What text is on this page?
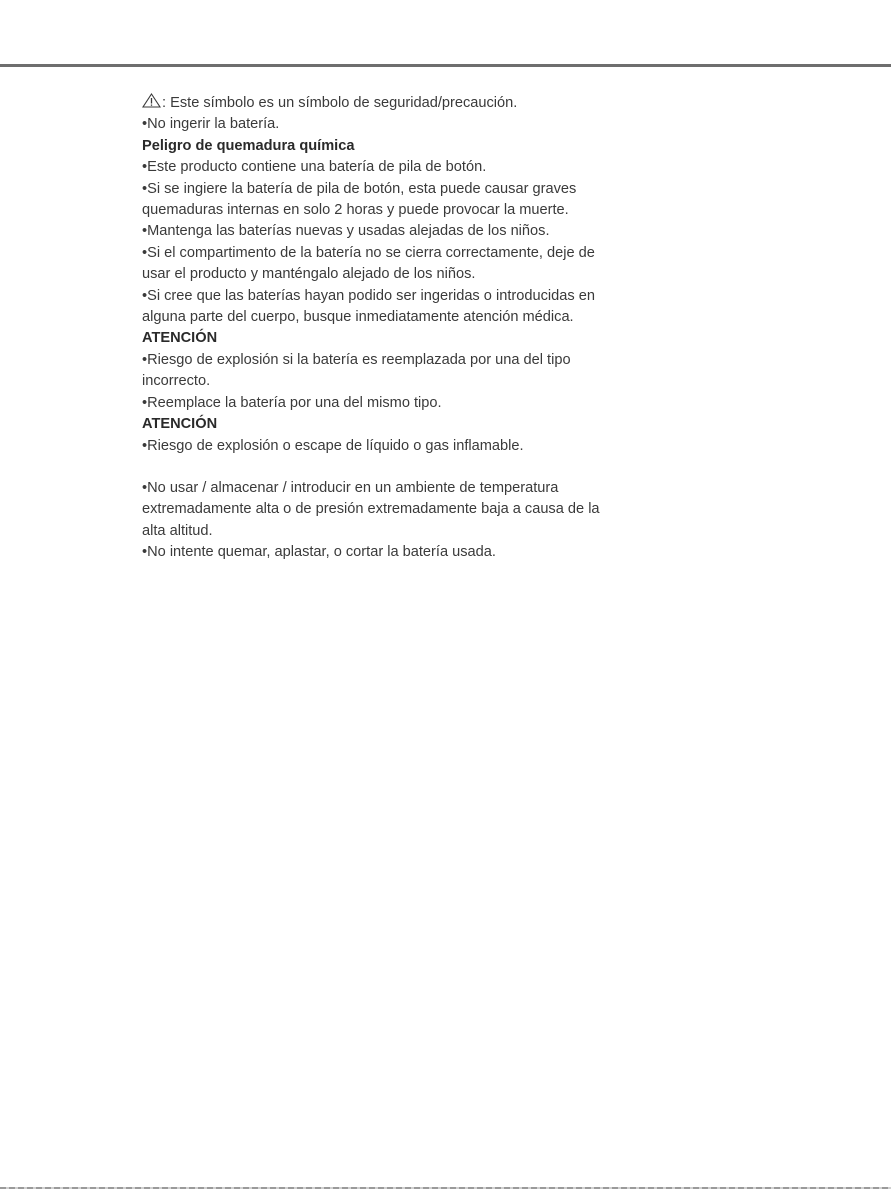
: Este símbolo es un símbolo de seguridad/precaución.

•No ingerir la batería.

Peligro de quemadura química

•Este producto contiene una batería de pila de botón.

•Si se ingiere la batería de pila de botón, esta puede causar graves

quemaduras internas en solo 2 horas y puede provocar la muerte.

•Mantenga las baterías nuevas y usadas alejadas de los niños.

•Si el compartimento de la batería no se cierra correctamente, deje de

usar el producto y manténgalo alejado de los niños.

•Si cree que las baterías hayan podido ser ingeridas o introducidas en

alguna parte del cuerpo, busque inmediatamente atención médica.

ATENCIÓN

•Riesgo de explosión si la batería es reemplazada por una del tipo

incorrecto.

•Reemplace la batería por una del mismo tipo.

ATENCIÓN

•Riesgo de explosión o escape de líquido o gas inflamable.

•No usar / almacenar / introducir en un ambiente de temperatura

extremadamente alta o de presión extremadamente baja a causa de la

alta altitud.

•No intente quemar, aplastar, o cortar la batería usada.
